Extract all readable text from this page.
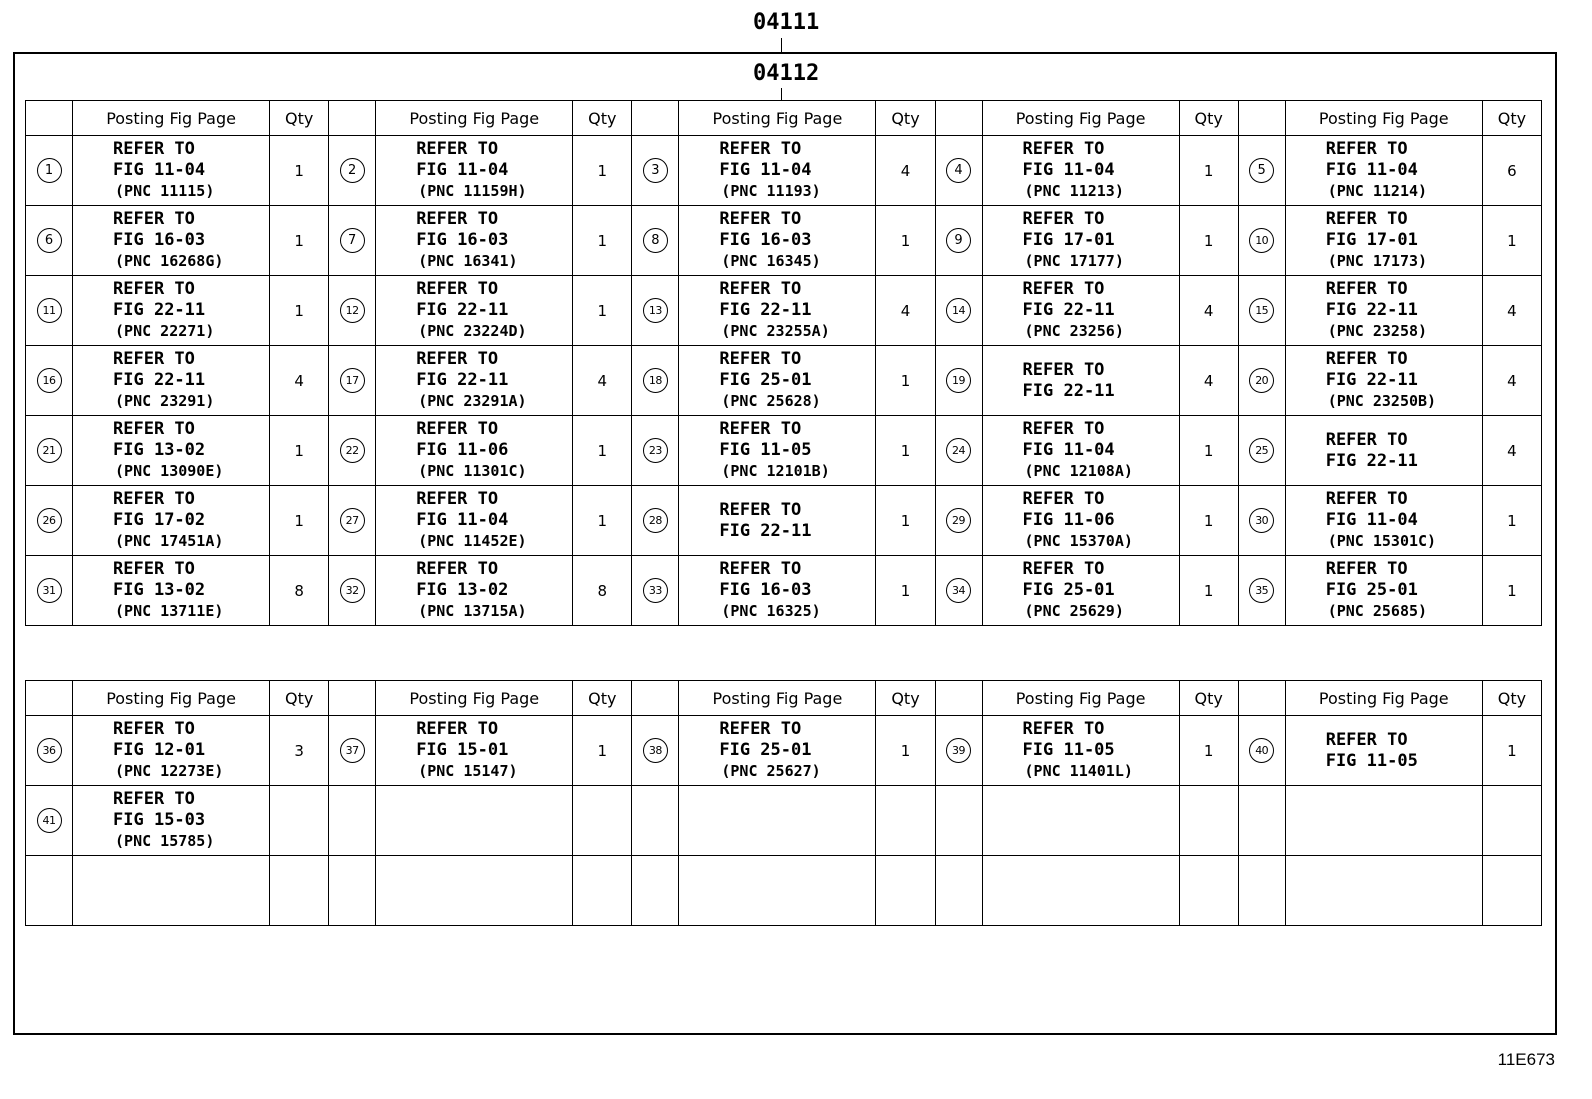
04111
04112
	Posting Fig Page	Qty		Posting Fig Page	Qty		Posting Fig Page	Qty		Posting Fig Page	Qty		Posting Fig Page	Qty
1	REFER TO
FIG 11-04
(PNC 11115)	1	2	REFER TO
FIG 11-04
(PNC 11159H)	1	3	REFER TO
FIG 11-04
(PNC 11193)	4	4	REFER TO
FIG 11-04
(PNC 11213)	1	5	REFER TO
FIG 11-04
(PNC 11214)	6
6	REFER TO
FIG 16-03
(PNC 16268G)	1	7	REFER TO
FIG 16-03
(PNC 16341)	1	8	REFER TO
FIG 16-03
(PNC 16345)	1	9	REFER TO
FIG 17-01
(PNC 17177)	1	10	REFER TO
FIG 17-01
(PNC 17173)	1
11	REFER TO
FIG 22-11
(PNC 22271)	1	12	REFER TO
FIG 22-11
(PNC 23224D)	1	13	REFER TO
FIG 22-11
(PNC 23255A)	4	14	REFER TO
FIG 22-11
(PNC 23256)	4	15	REFER TO
FIG 22-11
(PNC 23258)	4
16	REFER TO
FIG 22-11
(PNC 23291)	4	17	REFER TO
FIG 22-11
(PNC 23291A)	4	18	REFER TO
FIG 25-01
(PNC 25628)	1	19	REFER TO
FIG 22-11	4	20	REFER TO
FIG 22-11
(PNC 23250B)	4
21	REFER TO
FIG 13-02
(PNC 13090E)	1	22	REFER TO
FIG 11-06
(PNC 11301C)	1	23	REFER TO
FIG 11-05
(PNC 12101B)	1	24	REFER TO
FIG 11-04
(PNC 12108A)	1	25	REFER TO
FIG 22-11	4
26	REFER TO
FIG 17-02
(PNC 17451A)	1	27	REFER TO
FIG 11-04
(PNC 11452E)	1	28	REFER TO
FIG 22-11	1	29	REFER TO
FIG 11-06
(PNC 15370A)	1	30	REFER TO
FIG 11-04
(PNC 15301C)	1
31	REFER TO
FIG 13-02
(PNC 13711E)	8	32	REFER TO
FIG 13-02
(PNC 13715A)	8	33	REFER TO
FIG 16-03
(PNC 16325)	1	34	REFER TO
FIG 25-01
(PNC 25629)	1	35	REFER TO
FIG 25-01
(PNC 25685)	1
	Posting Fig Page	Qty		Posting Fig Page	Qty		Posting Fig Page	Qty		Posting Fig Page	Qty		Posting Fig Page	Qty
36	REFER TO
FIG 12-01
(PNC 12273E)	3	37	REFER TO
FIG 15-01
(PNC 15147)	1	38	REFER TO
FIG 25-01
(PNC 25627)	1	39	REFER TO
FIG 11-05
(PNC 11401L)	1	40	REFER TO
FIG 11-05	1
41	REFER TO
FIG 15-03
(PNC 15785)													

11E673
